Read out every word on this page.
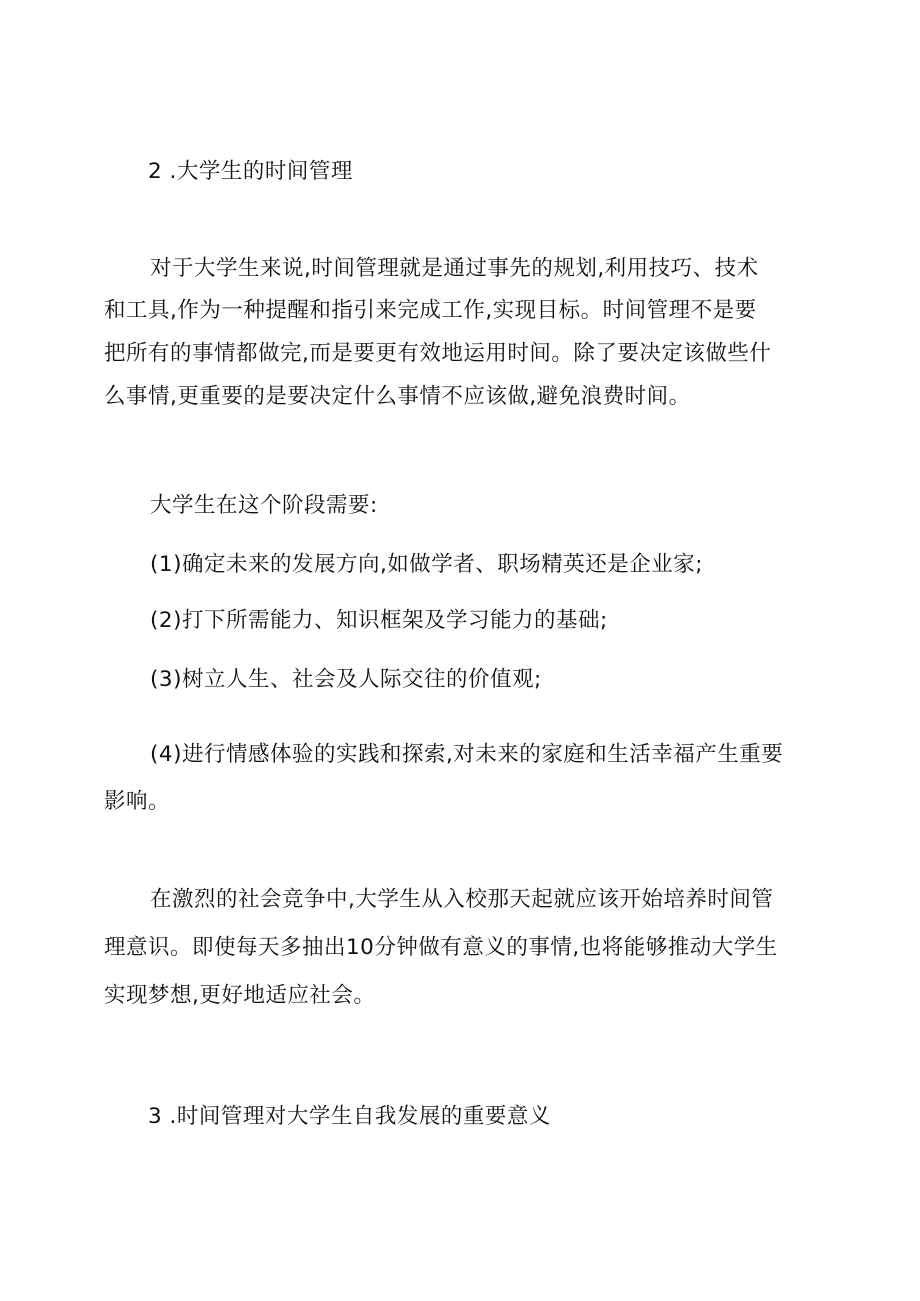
2 .大学生的时间管理
对于大学生来说,时间管理就是通过事先的规划,利用技巧、技术
和工具,作为一种提醒和指引来完成工作,实现目标。时间管理不是要
把所有的事情都做完,而是要更有效地运用时间。除了要决定该做些什
么事情,更重要的是要决定什么事情不应该做,避免浪费时间。
大学生在这个阶段需要:
(1)确定未来的发展方向,如做学者、职场精英还是企业家;
(2)打下所需能力、知识框架及学习能力的基础;
(3)树立人生、社会及人际交往的价值观;
(4)进行情感体验的实践和探索,对未来的家庭和生活幸福产生重要
影响。
在激烈的社会竞争中,大学生从入校那天起就应该开始培养时间管
理意识。即使每天多抽出10分钟做有意义的事情,也将能够推动大学生
实现梦想,更好地适应社会。
3 .时间管理对大学生自我发展的重要意义
